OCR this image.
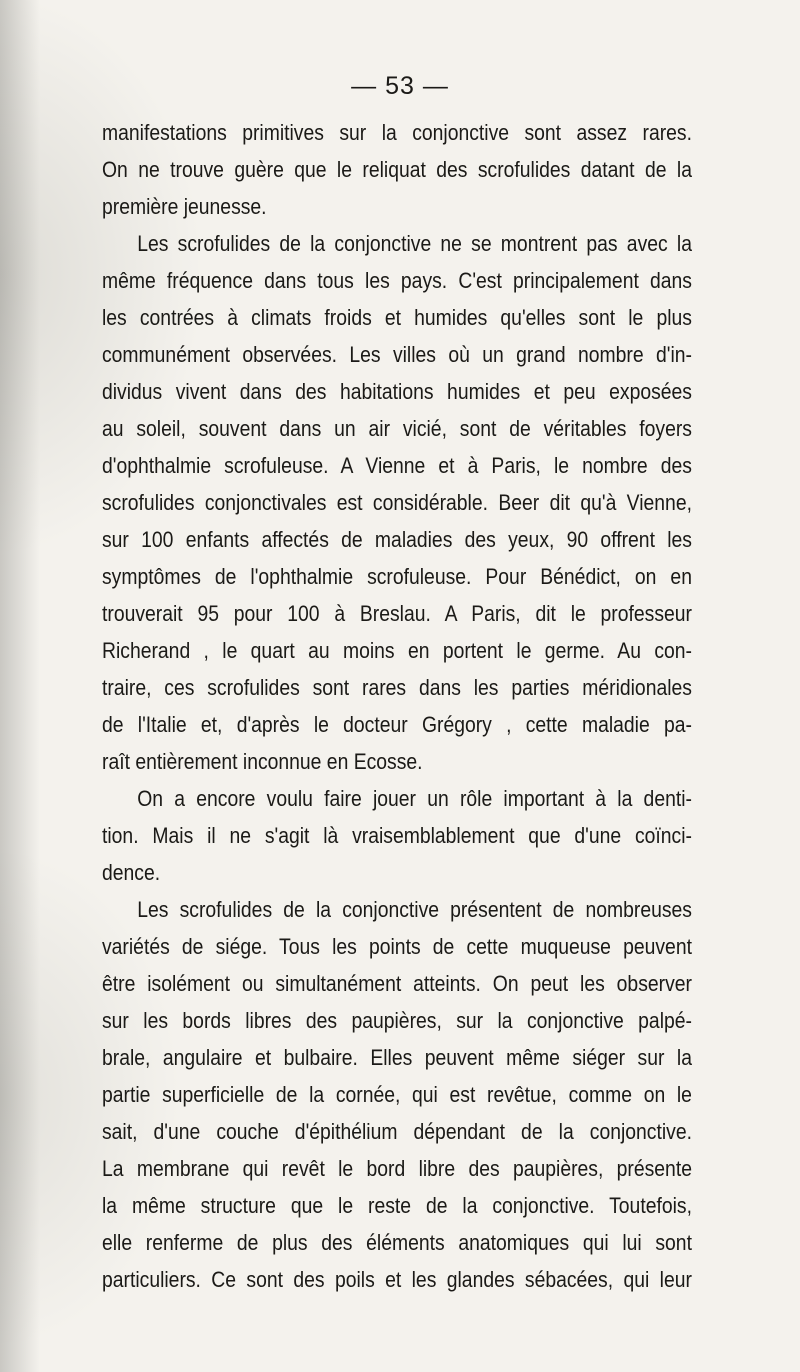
— 53 —
manifestations primitives sur la conjonctive sont assez rares.
On ne trouve guère que le reliquat des scrofulides datant de la
première jeunesse.
Les scrofulides de la conjonctive ne se montrent pas avec la
même fréquence dans tous les pays. C'est principalement dans
les contrées à climats froids et humides qu'elles sont le plus
communément observées. Les villes où un grand nombre d'in-
dividus vivent dans des habitations humides et peu exposées
au soleil, souvent dans un air vicié, sont de véritables foyers
d'ophthalmie scrofuleuse. A Vienne et à Paris, le nombre des
scrofulides conjonctivales est considérable. Beer dit qu'à Vienne,
sur 100 enfants affectés de maladies des yeux, 90 offrent les
symptômes de l'ophthalmie scrofuleuse. Pour Bénédict, on en
trouverait 95 pour 100 à Breslau. A Paris, dit le professeur
Richerand , le quart au moins en portent le germe. Au con-
traire, ces scrofulides sont rares dans les parties méridionales
de l'Italie et, d'après le docteur Grégory , cette maladie pa-
raît entièrement inconnue en Ecosse.
On a encore voulu faire jouer un rôle important à la denti-
tion. Mais il ne s'agit là vraisemblablement que d'une coïnci-
dence.
Les scrofulides de la conjonctive présentent de nombreuses
variétés de siége. Tous les points de cette muqueuse peuvent
être isolément ou simultanément atteints. On peut les observer
sur les bords libres des paupières, sur la conjonctive palpé-
brale, angulaire et bulbaire. Elles peuvent même siéger sur la
partie superficielle de la cornée, qui est revêtue, comme on le
sait, d'une couche d'épithélium dépendant de la conjonctive.
La membrane qui revêt le bord libre des paupières, présente
la même structure que le reste de la conjonctive. Toutefois,
elle renferme de plus des éléments anatomiques qui lui sont
particuliers. Ce sont des poils et les glandes sébacées, qui leur
